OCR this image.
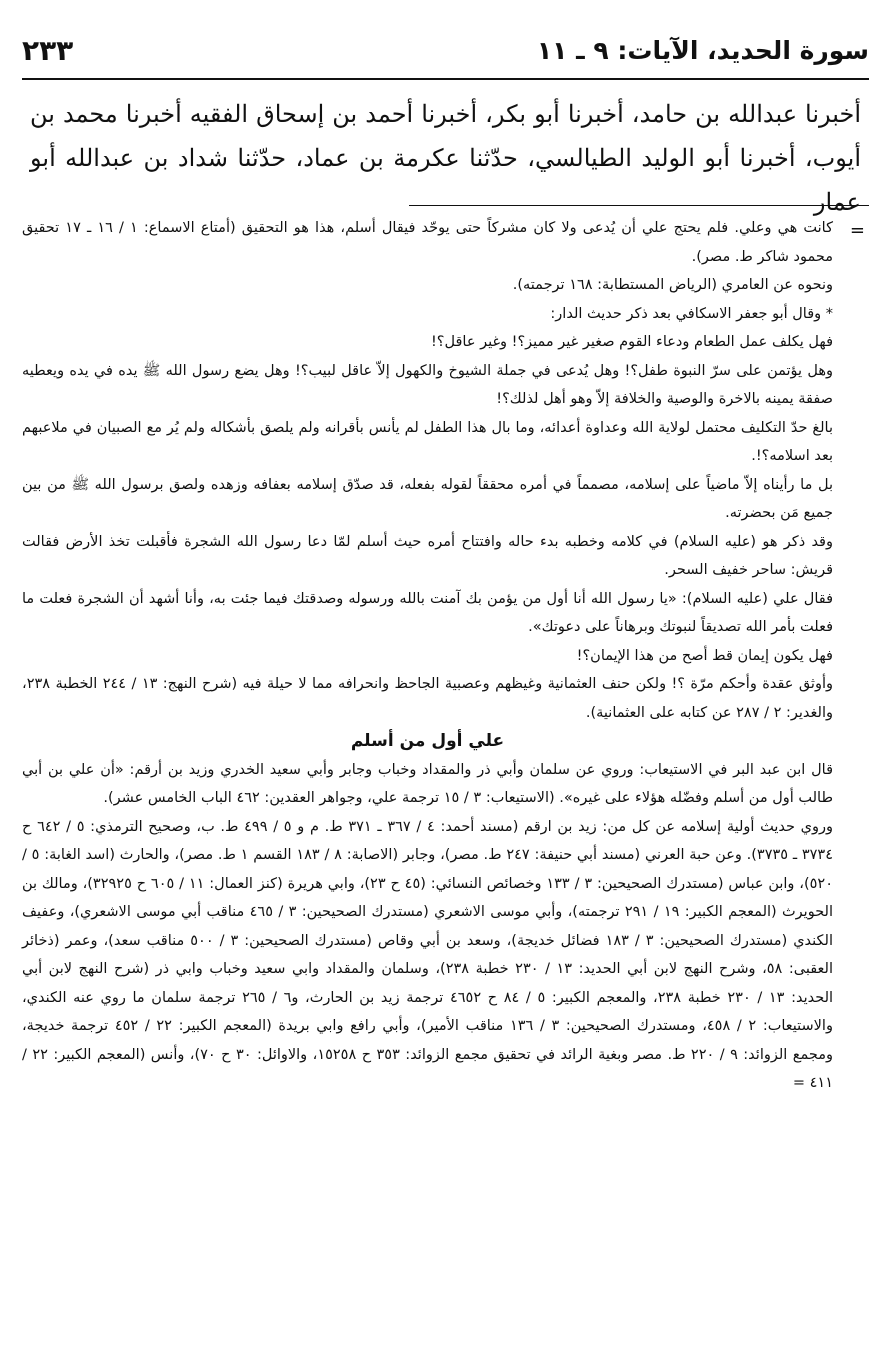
سورة الحديد، الآيات: ٩ ـ ١١
٢٣٣

أخبرنا عبدالله بن حامد، أخبرنا أبو بكر، أخبرنا أحمد بن إسحاق الفقيه أخبرنا محمد بن أيوب، أخبرنا أبو الوليد الطيالسي، حدّثنا عكرمة بن عماد، حدّثنا شداد بن عبدالله أبو عمار

=

كانت هي وعلي. فلم يحتج علي أن يُدعى ولا كان مشركاً حتى يوحّد فيقال أسلم، هذا هو التحقيق (أمتاع الاسماع: ١ / ١٦ ـ ١٧ تحقيق محمود شاكر ط. مصر).

ونحوه عن العامري (الرياض المستطابة: ١٦٨ ترجمته).

* وقال أبو جعفر الاسكافي بعد ذكر حديث الدار:

فهل يكلف عمل الطعام ودعاء القوم صغير غير مميز؟! وغير عاقل؟!

وهل يؤتمن على سرّ النبوة طفل؟! وهل يُدعى في جملة الشيوخ والكهول إلاّ عاقل لبيب؟! وهل يضع رسول الله ﷺ يده في يده ويعطيه صفقة يمينه بالاخرة والوصية والخلافة إلاّ وهو أهل لذلك؟!

بالغ حدّ التكليف محتمل لولاية الله وعداوة أعدائه، وما بال هذا الطفل لم يأنس بأقرانه ولم يلصق بأشكاله ولم يُر مع الصبيان في ملاعبهم بعد اسلامه؟!.

بل ما رأيناه إلاّ ماضياً على إسلامه، مصمماً في أمره محققاً لقوله بفعله، قد صدّق إسلامه بعفافه وزهده ولصق برسول الله ﷺ من بين جميع مَن بحضرته.

وقد ذكر هو (عليه السلام) في كلامه وخطبه بدء حاله وافتتاح أمره حيث أسلم لمّا دعا رسول الله الشجرة فأقبلت تخذ الأرض فقالت قريش: ساحر خفيف السحر.

فقال علي (عليه السلام): «يا رسول الله أنا أول من يؤمن بك آمنت بالله ورسوله وصدقتك فيما جئت به، وأنا أشهد أن الشجرة فعلت ما فعلت بأمر الله تصديقاً لنبوتك وبرهاناً على دعوتك».

فهل يكون إيمان قط أصح من هذا الإيمان؟!

وأوثق عقدة وأحكم مرّة ؟! ولكن حنف العثمانية وغيظهم وعصبية الجاحظ وانحرافه مما لا حيلة فيه (شرح النهج: ١٣ / ٢٤٤ الخطبة ٢٣٨، والغدير: ٢ / ٢٨٧ عن كتابه على العثمانية).

علي أول من أسلم

قال ابن عبد البر في الاستيعاب: وروي عن سلمان وأبي ذر والمقداد وخباب وجابر وأبي سعيد الخدري وزيد بن أرقم: «أن علي بن أبي طالب أول من أسلم وفضّله هؤلاء على غيره». (الاستيعاب: ٣ / ١٥ ترجمة علي، وجواهر العقدين: ٤٦٢ الباب الخامس عشر).

وروي حديث أولية إسلامه عن كل من: زيد بن ارقم (مسند أحمد: ٤ / ٣٦٧ ـ ٣٧١ ط. م و ٥ / ٤٩٩ ط. ب، وصحيح الترمذي: ٥ / ٦٤٢ ح ٣٧٣٤ ـ ٣٧٣٥). وعن حبة العرني (مسند أبي حنيفة: ٢٤٧ ط. مصر)، وجابر (الاصابة: ٨ / ١٨٣ القسم ١ ط. مصر)، والحارث (اسد الغابة: ٥ / ٥٢٠)، وابن عباس (مستدرك الصحيحين: ٣ / ١٣٣ وخصائص النسائي: (٤٥ ح ٢٣)، وابي هريرة (كنز العمال: ١١ / ٦٠٥ ح ٣٢٩٢٥)، ومالك بن الحويرث (المعجم الكبير: ١٩ / ٢٩١ ترجمته)، وأبي موسى الاشعري (مستدرك الصحيحين: ٣ / ٤٦٥ مناقب أبي موسى الاشعري)، وعفيف الكندي (مستدرك الصحيحين: ٣ / ١٨٣ فضائل خديجة)، وسعد بن أبي وقاص (مستدرك الصحيحين: ٣ / ٥٠٠ مناقب سعد)، وعمر (ذخائر العقبى: ٥٨، وشرح النهج لابن أبي الحديد: ١٣ / ٢٣٠ خطبة ٢٣٨)، وسلمان والمقداد وابي سعيد وخباب وابي ذر (شرح النهج لابن أبي الحديد: ١٣ / ٢٣٠ خطبة ٢٣٨، والمعجم الكبير: ٥ / ٨٤ ح ٤٦٥٢ ترجمة زيد بن الحارث، و٦ / ٢٦٥ ترجمة سلمان ما روي عنه الكندي، والاستيعاب: ٢ / ٤٥٨، ومستدرك الصحيحين: ٣ / ١٣٦ مناقب الأمير)، وأبي رافع وابي بريدة (المعجم الكبير: ٢٢ / ٤٥٢ ترجمة خديجة، ومجمع الزوائد: ٩ / ٢٢٠ ط. مصر وبغية الرائد في تحقيق مجمع الزوائد: ٣٥٣ ح ١٥٢٥٨، والاوائل: ٣٠ ح ٧٠)، وأنس (المعجم الكبير: ٢٢ / ٤١١ =
